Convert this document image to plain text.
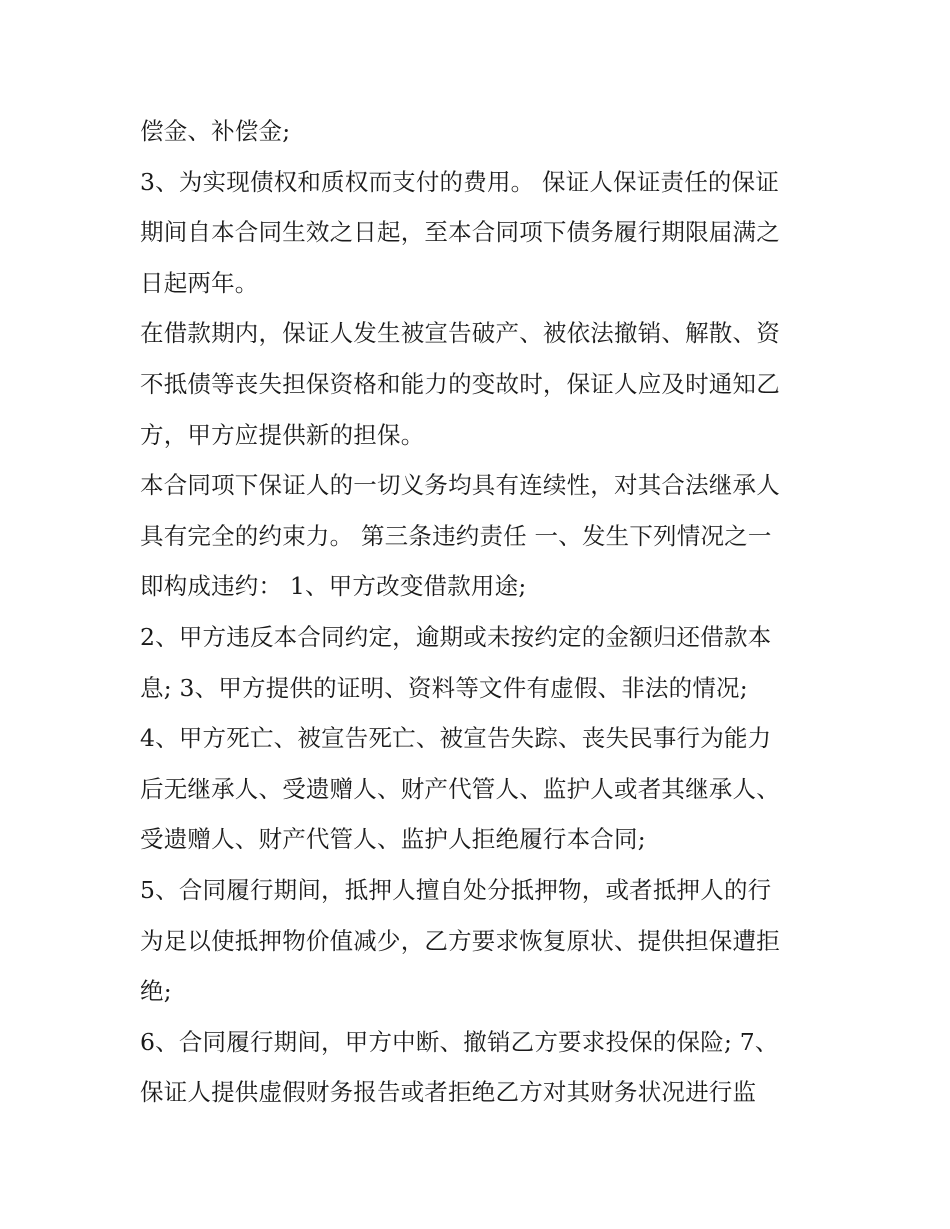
偿金、补偿金;
3、为实现债权和质权而支付的费用。 保证人保证责任的保证
期间自本合同生效之日起，至本合同项下债务履行期限届满之
日起两年。
在借款期内，保证人发生被宣告破产、被依法撤销、解散、资
不抵债等丧失担保资格和能力的变故时，保证人应及时通知乙
方，甲方应提供新的担保。
本合同项下保证人的一切义务均具有连续性，对其合法继承人
具有完全的约束力。 第三条违约责任 一、发生下列情况之一
即构成违约： 1、甲方改变借款用途;
2、甲方违反本合同约定，逾期或未按约定的金额归还借款本
息; 3、甲方提供的证明、资料等文件有虚假、非法的情况;
4、甲方死亡、被宣告死亡、被宣告失踪、丧失民事行为能力
后无继承人、受遗赠人、财产代管人、监护人或者其继承人、
受遗赠人、财产代管人、监护人拒绝履行本合同;
5、合同履行期间，抵押人擅自处分抵押物，或者抵押人的行
为足以使抵押物价值减少，乙方要求恢复原状、提供担保遭拒
绝;
6、合同履行期间，甲方中断、撤销乙方要求投保的保险; 7、
保证人提供虚假财务报告或者拒绝乙方对其财务状况进行监
